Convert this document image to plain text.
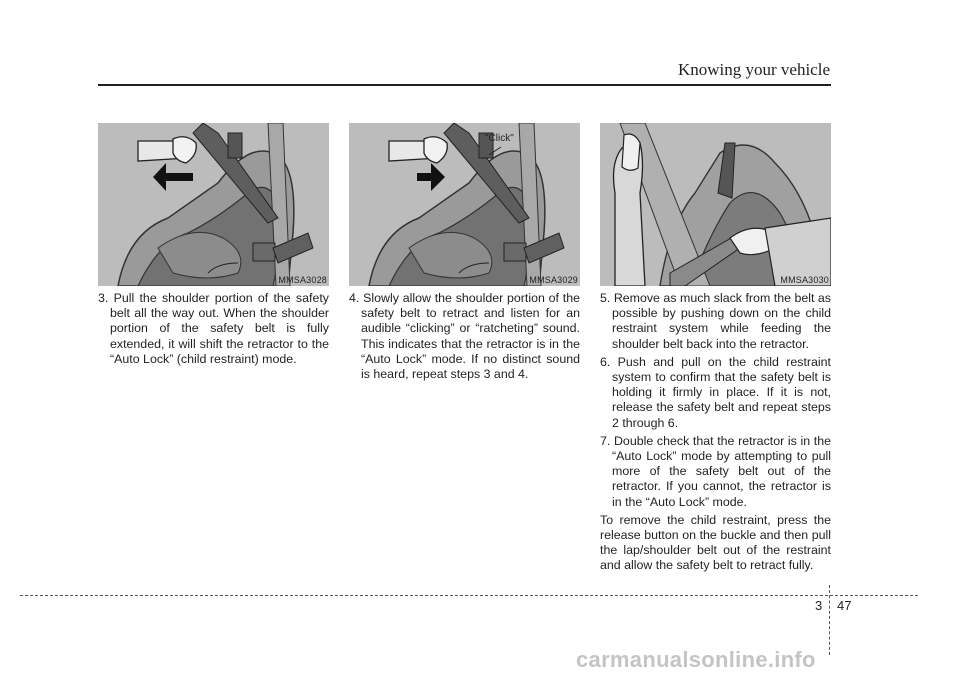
Knowing your vehicle
MMSA3028
"Click"
MMSA3029	MMSA3030

3. Pull the shoulder portion of the safety belt all the way out. When the shoulder portion of the safety belt is fully extended, it will shift the retractor to the “Auto Lock” (child restraint) mode.

4. Slowly allow the shoulder portion of the safety belt to retract and listen for an audible “clicking” or “ratcheting” sound. This indicates that the retractor is in the “Auto Lock” mode. If no distinct sound is heard, repeat steps 3 and 4.

5. Remove as much slack from the belt as possible by pushing down on the child restraint system while feeding the shoulder belt back into the retractor.

6. Push and pull on the child restraint system to confirm that the safety belt is holding it firmly in place. If it is not, release the safety belt and repeat steps 2 through 6.

7. Double check that the retractor is in the “Auto Lock” mode by attempting to pull more of the safety belt out of the retractor. If you cannot, the retractor is in the “Auto Lock” mode.

To remove the child restraint, press the release button on the buckle and then pull the lap/shoulder belt out of the restraint and allow the safety belt to retract fully.

3 47
carmanualsonline.info
